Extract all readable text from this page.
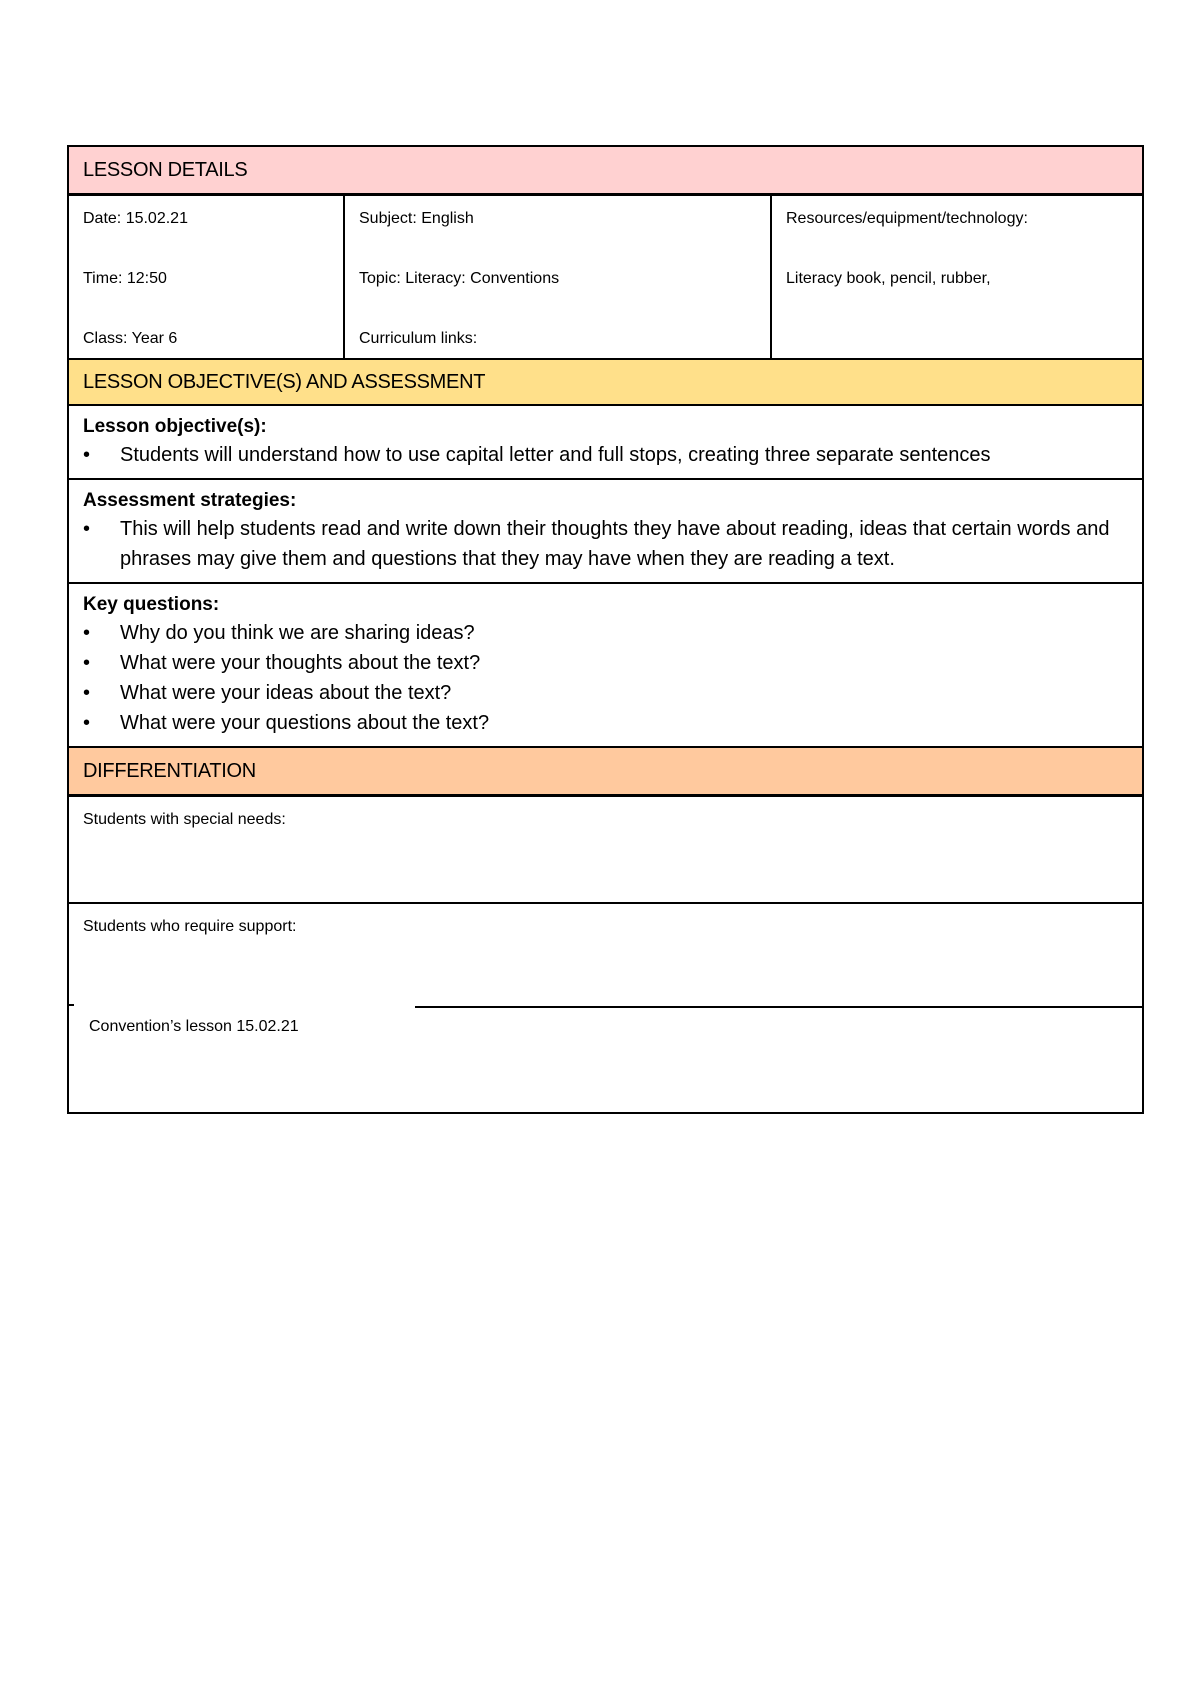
LESSON DETAILS
Date: 15.02.21
Time: 12:50
Class: Year 6
Subject: English
Topic: Literacy: Conventions
Curriculum links:
Resources/equipment/technology:
Literacy book, pencil, rubber,
LESSON OBJECTIVE(S) AND ASSESSMENT
Lesson objective(s):
• Students will understand how to use capital letter and full stops, creating three separate sentences
Assessment strategies:
• This will help students read and write down their thoughts they have about reading, ideas that certain words and phrases may give them and questions that they may have when they are reading a text.
Key questions:
• Why do you think we are sharing ideas?
• What were your thoughts about the text?
• What were your ideas about the text?
• What were your questions about the text?
DIFFERENTIATION
Students with special needs:
Students who require support:
Convention’s lesson 15.02.21
